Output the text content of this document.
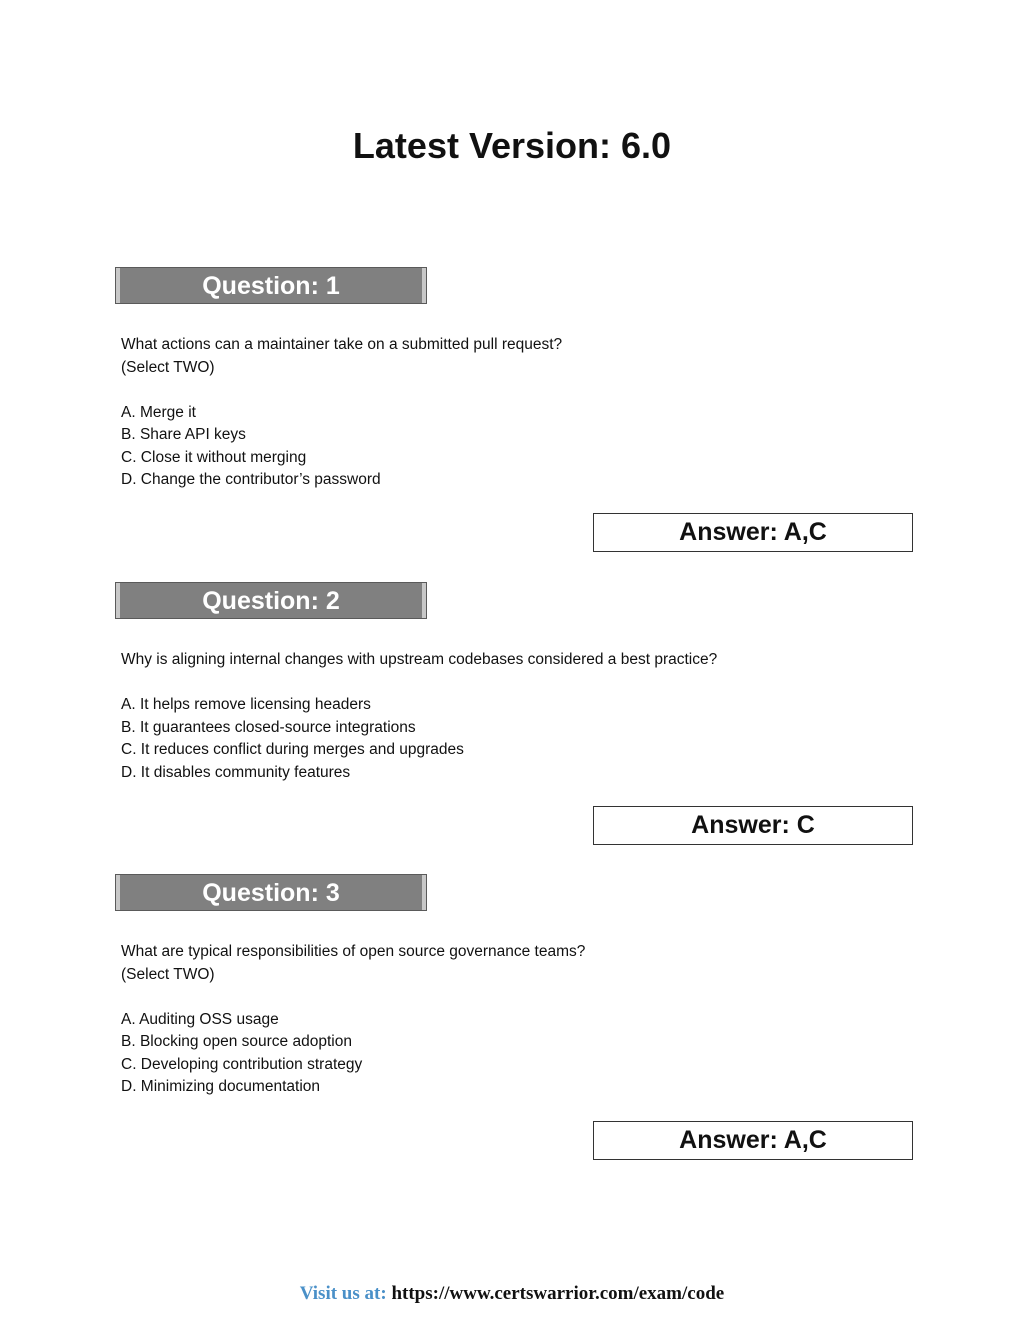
Latest Version: 6.0
Question: 1

What actions can a maintainer take on a submitted pull request?

(Select TWO)

A. Merge it

B. Share API keys

C. Close it without merging

D. Change the contributor’s password

Answer: A,C
Question: 2

Why is aligning internal changes with upstream codebases considered a best practice?

A. It helps remove licensing headers

B. It guarantees closed-source integrations

C. It reduces conflict during merges and upgrades

D. It disables community features

Answer: C
Question: 3

What are typical responsibilities of open source governance teams?

(Select TWO)

A. Auditing OSS usage

B. Blocking open source adoption

C. Developing contribution strategy

D. Minimizing documentation

Answer: A,C
Visit us at: https://www.certswarrior.com/exam/code
